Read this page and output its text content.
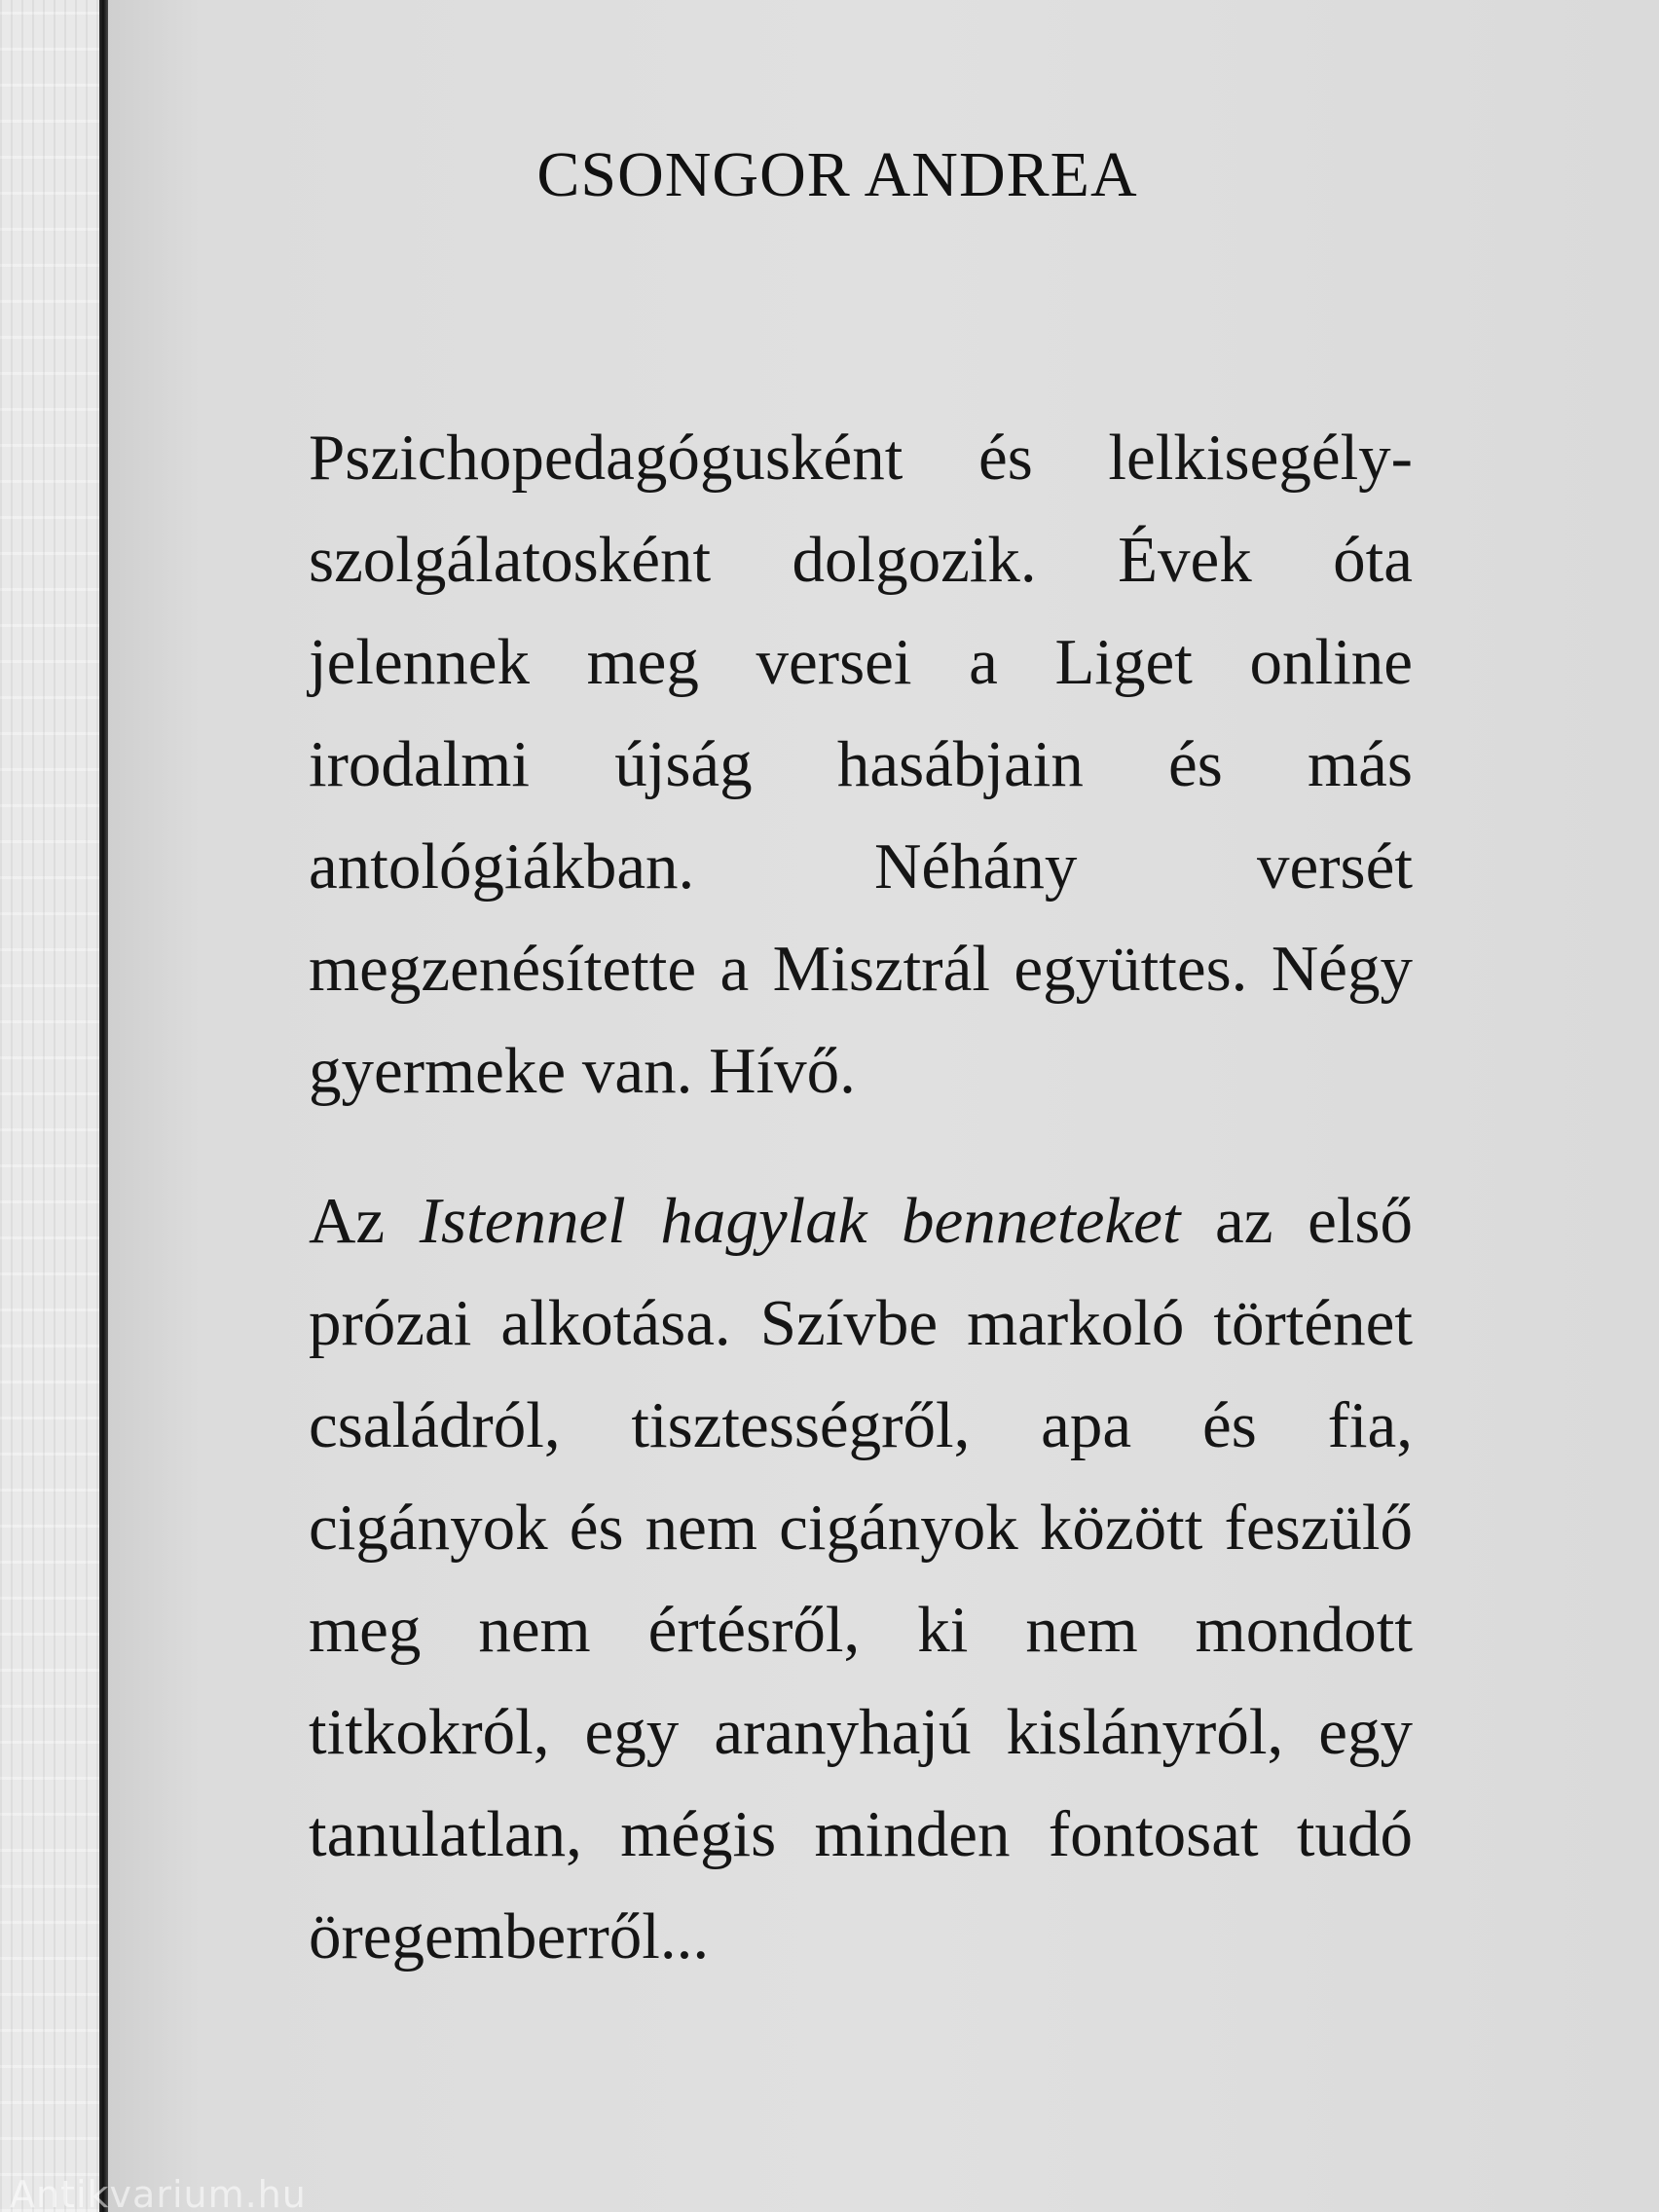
CSONGOR ANDREA

Pszichopedagógusként és lelkisegély-szolgálatosként dolgozik. Évek óta jelennek meg versei a Liget online irodalmi újság hasábjain és más antológiákban. Néhány versét megzenésítette a Misztrál együttes. Négy gyermeke van. Hívő.

Az Istennel hagylak benneteket az első prózai alkotása. Szívbe markoló történet családról, tisztességről, apa és fia, cigányok és nem cigányok között feszülő meg nem értésről, ki nem mondott titkokról, egy aranyhajú kislányról, egy tanulatlan, mégis minden fontosat tudó öregemberről...

Antikvarium.hu
